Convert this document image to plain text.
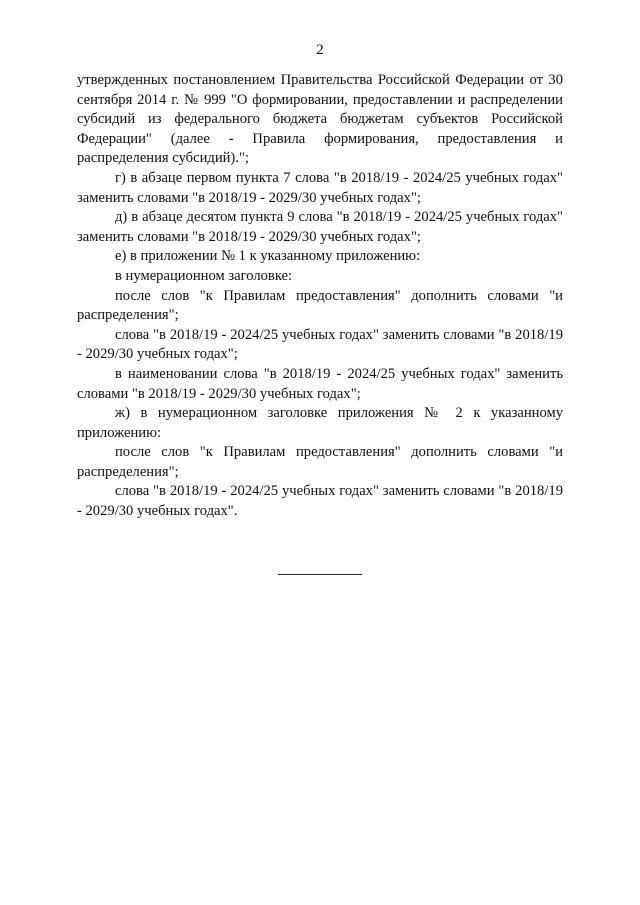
2

утвержденных постановлением Правительства Российской Федерации от 30 сентября 2014 г. № 999 "О формировании, предоставлении и распределении субсидий из федерального бюджета бюджетам субъектов Российской Федерации" (далее - Правила формирования, предоставления и распределения субсидий).";

г) в абзаце первом пункта 7 слова "в 2018/19 - 2024/25 учебных годах" заменить словами "в 2018/19 - 2029/30 учебных годах";

д) в абзаце десятом пункта 9 слова "в 2018/19 - 2024/25 учебных годах" заменить словами "в 2018/19 - 2029/30 учебных годах";

е) в приложении № 1 к указанному приложению:

в нумерационном заголовке:

после слов "к Правилам предоставления" дополнить словами "и распределения";

слова "в 2018/19 - 2024/25 учебных годах" заменить словами "в 2018/19 - 2029/30 учебных годах";

в наименовании слова "в 2018/19 - 2024/25 учебных годах" заменить словами "в 2018/19 - 2029/30 учебных годах";

ж) в нумерационном заголовке приложения № 2 к указанному приложению:

после слов "к Правилам предоставления" дополнить словами "и распределения";

слова "в 2018/19 - 2024/25 учебных годах" заменить словами "в 2018/19 - 2029/30 учебных годах".
